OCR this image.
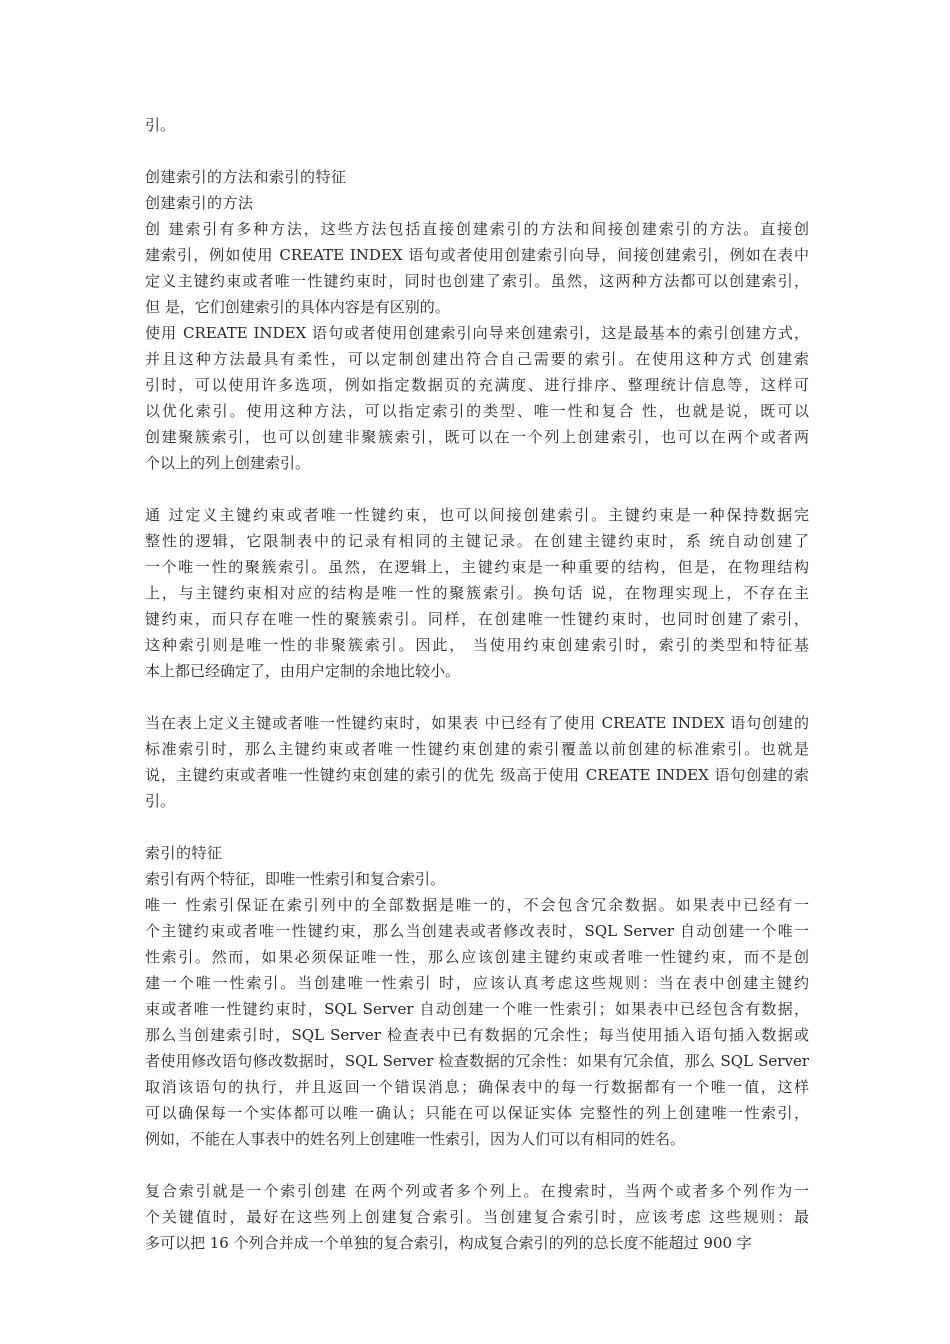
引。
创建索引的方法和索引的特征
创建索引的方法
创 建索引有多种方法，这些方法包括直接创建索引的方法和间接创建索引的方法。直接创
建索引，例如使用 CREATE INDEX 语句或者使用创建索引向导，间接创建索引，例如在表中
定义主键约束或者唯一性键约束时，同时也创建了索引。虽然，这两种方法都可以创建索引，
但 是，它们创建索引的具体内容是有区别的。
使用 CREATE INDEX 语句或者使用创建索引向导来创建索引，这是最基本的索引创建方式，
并且这种方法最具有柔性，可以定制创建出符合自己需要的索引。在使用这种方式 创建索
引时，可以使用许多选项，例如指定数据页的充满度、进行排序、整理统计信息等，这样可
以优化索引。使用这种方法，可以指定索引的类型、唯一性和复合 性，也就是说，既可以
创建聚簇索引，也可以创建非聚簇索引，既可以在一个列上创建索引，也可以在两个或者两
个以上的列上创建索引。
通 过定义主键约束或者唯一性键约束，也可以间接创建索引。主键约束是一种保持数据完
整性的逻辑，它限制表中的记录有相同的主键记录。在创建主键约束时，系 统自动创建了
一个唯一性的聚簇索引。虽然，在逻辑上，主键约束是一种重要的结构，但是，在物理结构
上，与主键约束相对应的结构是唯一性的聚簇索引。换句话 说，在物理实现上，不存在主
键约束，而只存在唯一性的聚簇索引。同样，在创建唯一性键约束时，也同时创建了索引，
这种索引则是唯一性的非聚簇索引。因此， 当使用约束创建索引时，索引的类型和特征基
本上都已经确定了，由用户定制的余地比较小。
当在表上定义主键或者唯一性键约束时，如果表 中已经有了使用 CREATE INDEX 语句创建的
标准索引时，那么主键约束或者唯一性键约束创建的索引覆盖以前创建的标准索引。也就是
说，主键约束或者唯一性键约束创建的索引的优先 级高于使用 CREATE INDEX 语句创建的索
引。
索引的特征
索引有两个特征，即唯一性索引和复合索引。
唯一 性索引保证在索引列中的全部数据是唯一的，不会包含冗余数据。如果表中已经有一
个主键约束或者唯一性键约束，那么当创建表或者修改表时，SQL Server 自动创建一个唯一
性索引。然而，如果必须保证唯一性，那么应该创建主键约束或者唯一性键约束，而不是创
建一个唯一性索引。当创建唯一性索引 时，应该认真考虑这些规则：当在表中创建主键约
束或者唯一性键约束时，SQL Server 自动创建一个唯一性索引；如果表中已经包含有数据，
那么当创建索引时，SQL Server 检查表中已有数据的冗余性；每当使用插入语句插入数据或
者使用修改语句修改数据时，SQL Server 检查数据的冗余性：如果有冗余值，那么 SQL Server
取消该语句的执行，并且返回一个错误消息；确保表中的每一行数据都有一个唯一值，这样
可以确保每一个实体都可以唯一确认；只能在可以保证实体 完整性的列上创建唯一性索引，
例如，不能在人事表中的姓名列上创建唯一性索引，因为人们可以有相同的姓名。
复合索引就是一个索引创建 在两个列或者多个列上。在搜索时，当两个或者多个列作为一
个关键值时，最好在这些列上创建复合索引。当创建复合索引时，应该考虑 这些规则：最
多可以把 16 个列合并成一个单独的复合索引，构成复合索引的列的总长度不能超过 900 字
